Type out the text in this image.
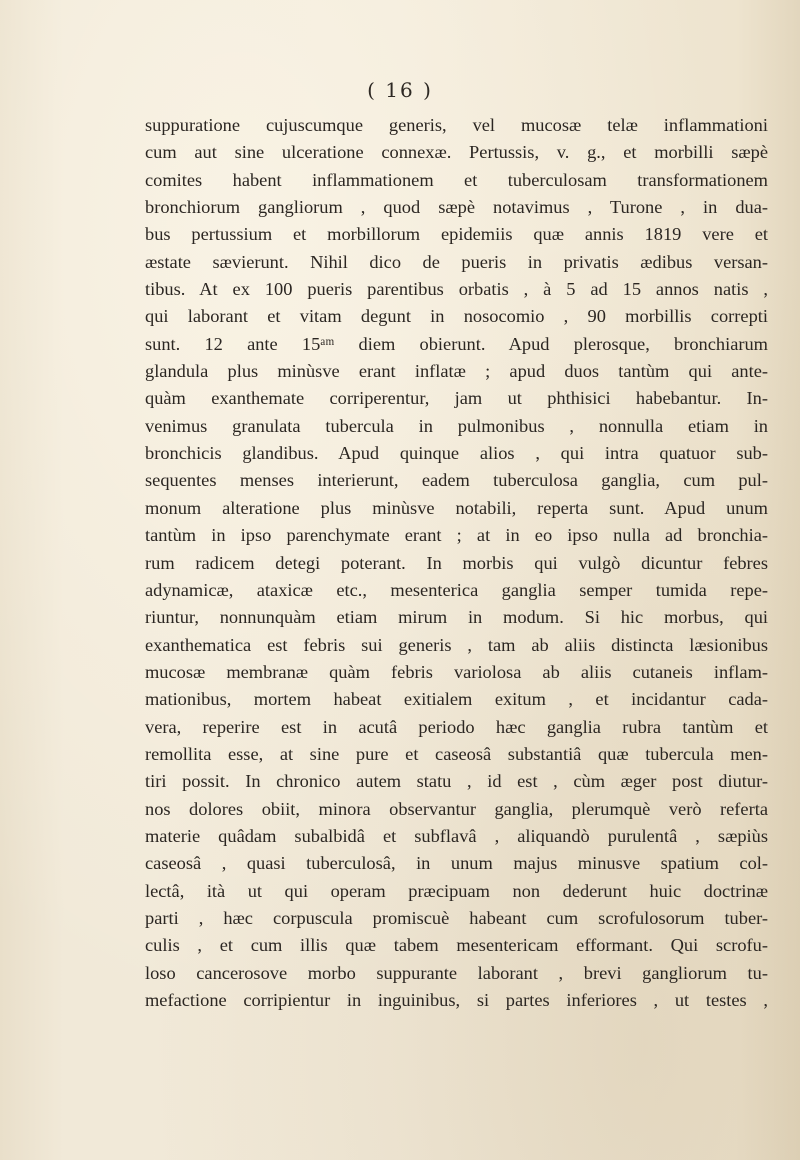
( 16 )
suppuratione cujuscumque generis, vel mucosæ telæ inflammationi
cum aut sine ulceratione connexæ. Pertussis, v. g., et morbilli sæpè
comites habent inflammationem et tuberculosam transformationem
bronchiorum gangliorum , quod sæpè notavimus , Turone , in dua-
bus pertussium et morbillorum epidemiis quæ annis 1819 vere et
æstate sævierunt. Nihil dico de pueris in privatis ædibus versan-
tibus. At ex 100 pueris parentibus orbatis , à 5 ad 15 annos natis ,
qui laborant et vitam degunt in nosocomio , 90 morbillis correpti
sunt. 12 ante 15ᵃᵐ diem obierunt. Apud plerosque, bronchiarum
glandula plus minùsve erant inflatæ ; apud duos tantùm qui ante-
quàm exanthemate corriperentur, jam ut phthisici habebantur. In-
venimus granulata tubercula in pulmonibus , nonnulla etiam in
bronchicis glandibus. Apud quinque alios , qui intra quatuor sub-
sequentes menses interierunt, eadem tuberculosa ganglia, cum pul-
monum alteratione plus minùsve notabili, reperta sunt. Apud unum
tantùm in ipso parenchymate erant ; at in eo ipso nulla ad bronchia-
rum radicem detegi poterant. In morbis qui vulgò dicuntur febres
adynamicæ, ataxicæ etc., mesenterica ganglia semper tumida repe-
riuntur, nonnunquàm etiam mirum in modum. Si hic morbus, qui
exanthematica est febris sui generis , tam ab aliis distincta læsionibus
mucosæ membranæ quàm febris variolosa ab aliis cutaneis inflam-
mationibus, mortem habeat exitialem exitum , et incidantur cada-
vera, reperire est in acutâ periodo hæc ganglia rubra tantùm et
remollita esse, at sine pure et caseosâ substantiâ quæ tubercula men-
tiri possit. In chronico autem statu , id est , cùm æger post diutur-
nos dolores obiit, minora observantur ganglia, plerumquè verò referta
materie quâdam subalbidâ et subflavâ , aliquandò purulentâ , sæpiùs
caseosâ , quasi tuberculosâ, in unum majus minusve spatium col-
lectâ, ità ut qui operam præcipuam non dederunt huic doctrinæ
parti , hæc corpuscula promiscuè habeant cum scrofulosorum tuber-
culis , et cum illis quæ tabem mesentericam efformant. Qui scrofu-
loso cancerosove morbo suppurante laborant , brevi gangliorum tu-
mefactione corripientur in inguinibus, si partes inferiores , ut testes ,
